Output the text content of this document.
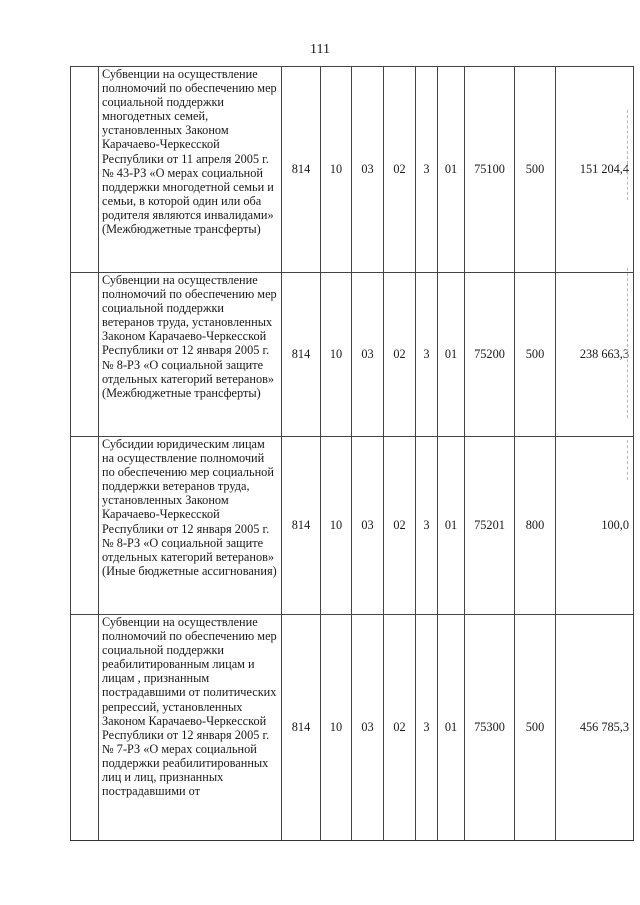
111
	Субвенции на осуществление полномочий по обеспечению мер социальной поддержки многодетных семей, установленных Законом Карачаево-Черкесской Республики от 11 апреля 2005 г. № 43-РЗ «О мерах социальной поддержки многодетной семьи и семьи, в которой один или оба родителя являются инвалидами» (Межбюджетные трансферты)	814	10	03	02	3	01	75100	500	151 204,4
	Субвенции на осуществление полномочий по обеспечению мер социальной поддержки ветеранов труда, установленных Законом Карачаево-Черкесской Республики от 12 января 2005 г. № 8-РЗ «О социальной защите отдельных категорий ветеранов» (Межбюджетные трансферты)	814	10	03	02	3	01	75200	500	238 663,3
	Субсидии юридическим лицам на осуществление полномочий по обеспечению мер социальной поддержки ветеранов труда, установленных Законом Карачаево-Черкесской Республики от 12 января 2005 г. № 8-РЗ «О социальной защите отдельных категорий ветеранов» (Иные бюджетные ассигнования)	814	10	03	02	3	01	75201	800	100,0
	Субвенции на осуществление полномочий по обеспечению мер социальной поддержки реабилитированным лицам и лицам , признанным пострадавшими от политических репрессий, установленных Законом Карачаево-Черкесской Республики от 12 января 2005 г. № 7-РЗ «О мерах социальной поддержки реабилитированных лиц и лиц, признанных пострадавшими от	814	10	03	02	3	01	75300	500	456 785,3
